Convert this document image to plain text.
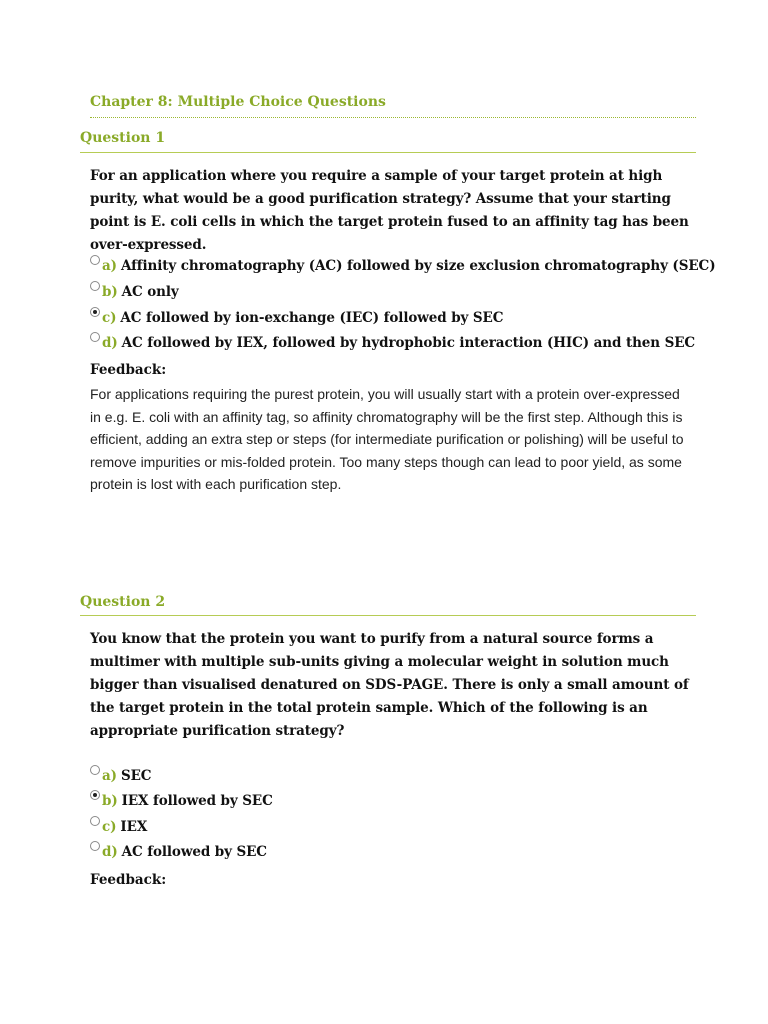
Chapter 8: Multiple Choice Questions
Question 1
For an application where you require a sample of your target protein at high purity, what would be a good purification strategy? Assume that your starting point is E. coli cells in which the target protein fused to an affinity tag has been over-expressed.
a) Affinity chromatography (AC) followed by size exclusion chromatography (SEC)
b) AC only
c) AC followed by ion-exchange (IEC) followed by SEC
d) AC followed by IEX, followed by hydrophobic interaction (HIC) and then SEC
Feedback:
For applications requiring the purest protein, you will usually start with a protein over-expressed in e.g. E. coli with an affinity tag, so affinity chromatography will be the first step. Although this is efficient, adding an extra step or steps (for intermediate purification or polishing) will be useful to remove impurities or mis-folded protein. Too many steps though can lead to poor yield, as some protein is lost with each purification step.
Question 2
You know that the protein you want to purify from a natural source forms a multimer with multiple sub-units giving a molecular weight in solution much bigger than visualised denatured on SDS-PAGE. There is only a small amount of the target protein in the total protein sample. Which of the following is an appropriate purification strategy?
a) SEC
b) IEX followed by SEC
c) IEX
d) AC followed by SEC
Feedback:
